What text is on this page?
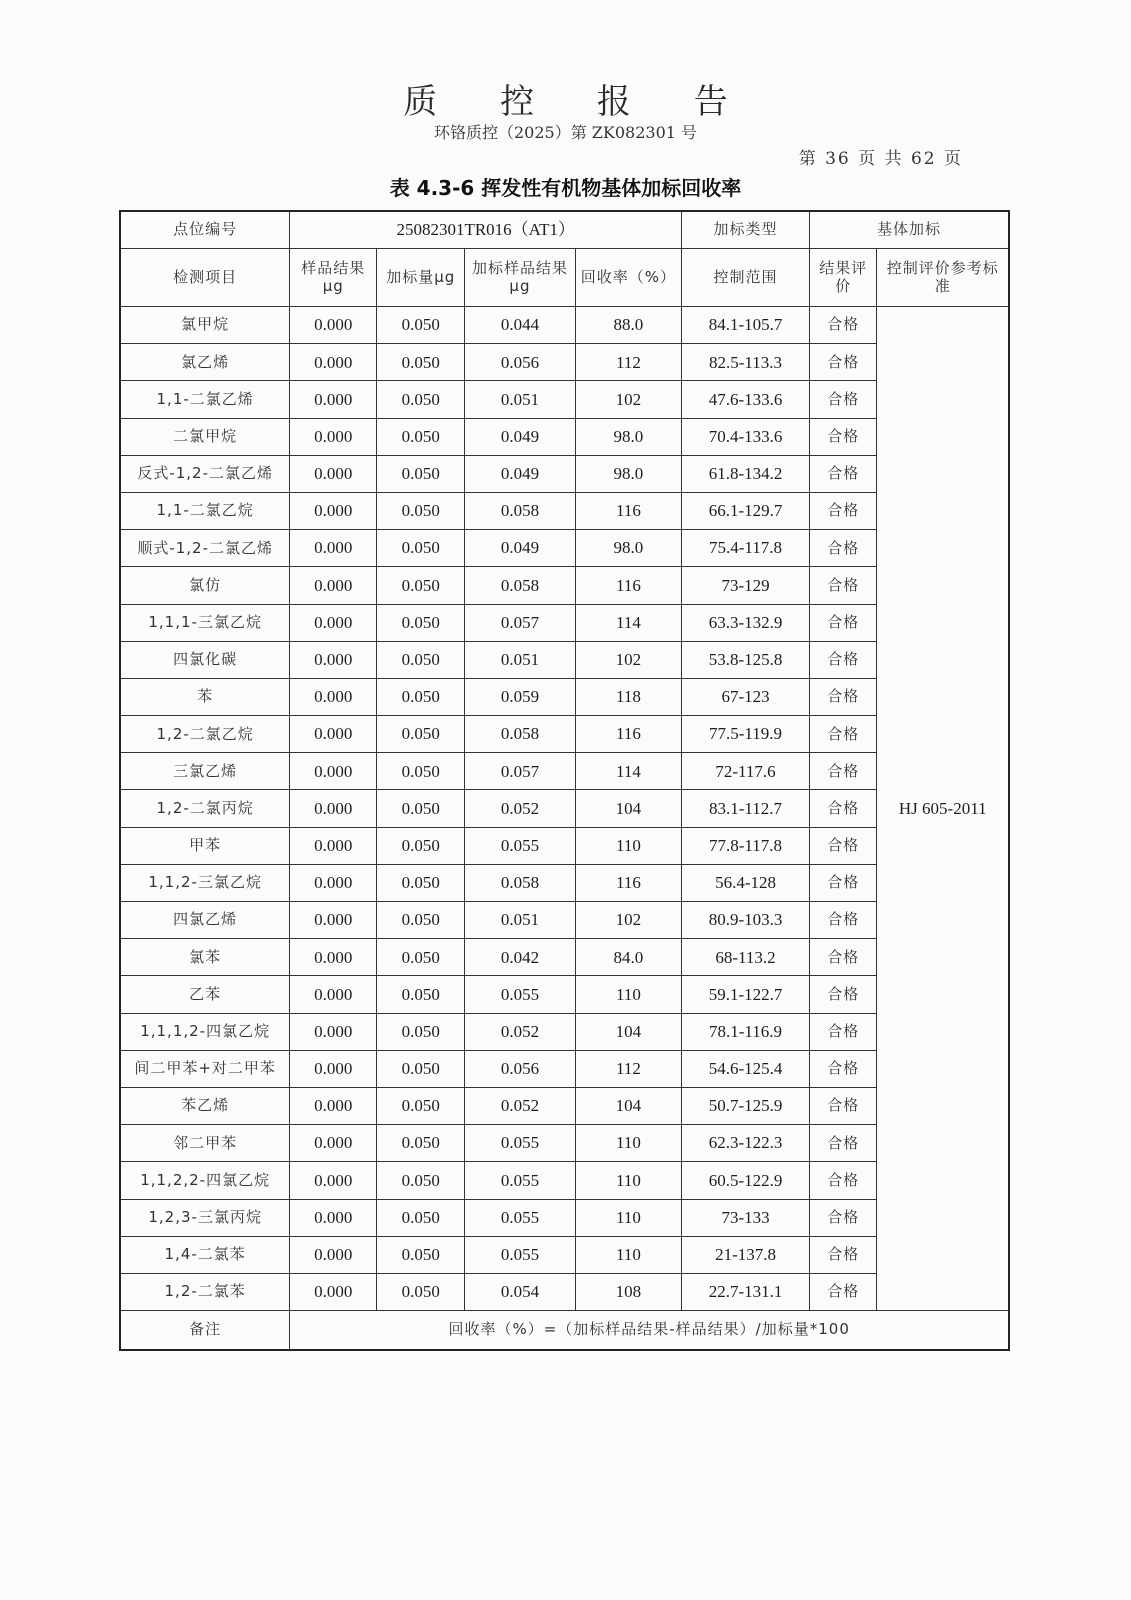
质 控 报 告
环铬质控（2025）第 ZK082301 号
第 36 页 共 62 页
表 4.3-6 挥发性有机物基体加标回收率
点位编号	25082301TR016（AT1）				加标类型	基体加标	
检测项目	样品结果μg	加标量μg	加标样品结果μg	回收率（%）	控制范围	结果评价	控制评价参考标准
氯甲烷	0.000	0.050	0.044	88.0	84.1-105.7	合格	HJ 605-2011
氯乙烯	0.000	0.050	0.056	112	82.5-113.3	合格	
1,1-二氯乙烯	0.000	0.050	0.051	102	47.6-133.6	合格	
二氯甲烷	0.000	0.050	0.049	98.0	70.4-133.6	合格	
反式-1,2-二氯乙烯	0.000	0.050	0.049	98.0	61.8-134.2	合格	
1,1-二氯乙烷	0.000	0.050	0.058	116	66.1-129.7	合格	
顺式-1,2-二氯乙烯	0.000	0.050	0.049	98.0	75.4-117.8	合格	
氯仿	0.000	0.050	0.058	116	73-129	合格	
1,1,1-三氯乙烷	0.000	0.050	0.057	114	63.3-132.9	合格	
四氯化碳	0.000	0.050	0.051	102	53.8-125.8	合格	
苯	0.000	0.050	0.059	118	67-123	合格	
1,2-二氯乙烷	0.000	0.050	0.058	116	77.5-119.9	合格	
三氯乙烯	0.000	0.050	0.057	114	72-117.6	合格	
1,2-二氯丙烷	0.000	0.050	0.052	104	83.1-112.7	合格	
甲苯	0.000	0.050	0.055	110	77.8-117.8	合格	
1,1,2-三氯乙烷	0.000	0.050	0.058	116	56.4-128	合格	
四氯乙烯	0.000	0.050	0.051	102	80.9-103.3	合格	
氯苯	0.000	0.050	0.042	84.0	68-113.2	合格	
乙苯	0.000	0.050	0.055	110	59.1-122.7	合格	
1,1,1,2-四氯乙烷	0.000	0.050	0.052	104	78.1-116.9	合格	
间二甲苯+对二甲苯	0.000	0.050	0.056	112	54.6-125.4	合格	
苯乙烯	0.000	0.050	0.052	104	50.7-125.9	合格	
邻二甲苯	0.000	0.050	0.055	110	62.3-122.3	合格	
1,1,2,2-四氯乙烷	0.000	0.050	0.055	110	60.5-122.9	合格	
1,2,3-三氯丙烷	0.000	0.050	0.055	110	73-133	合格	
1,4-二氯苯	0.000	0.050	0.055	110	21-137.8	合格	
1,2-二氯苯	0.000	0.050	0.054	108	22.7-131.1	合格	
备注	回收率（%）=（加标样品结果-样品结果）/加标量*100						
